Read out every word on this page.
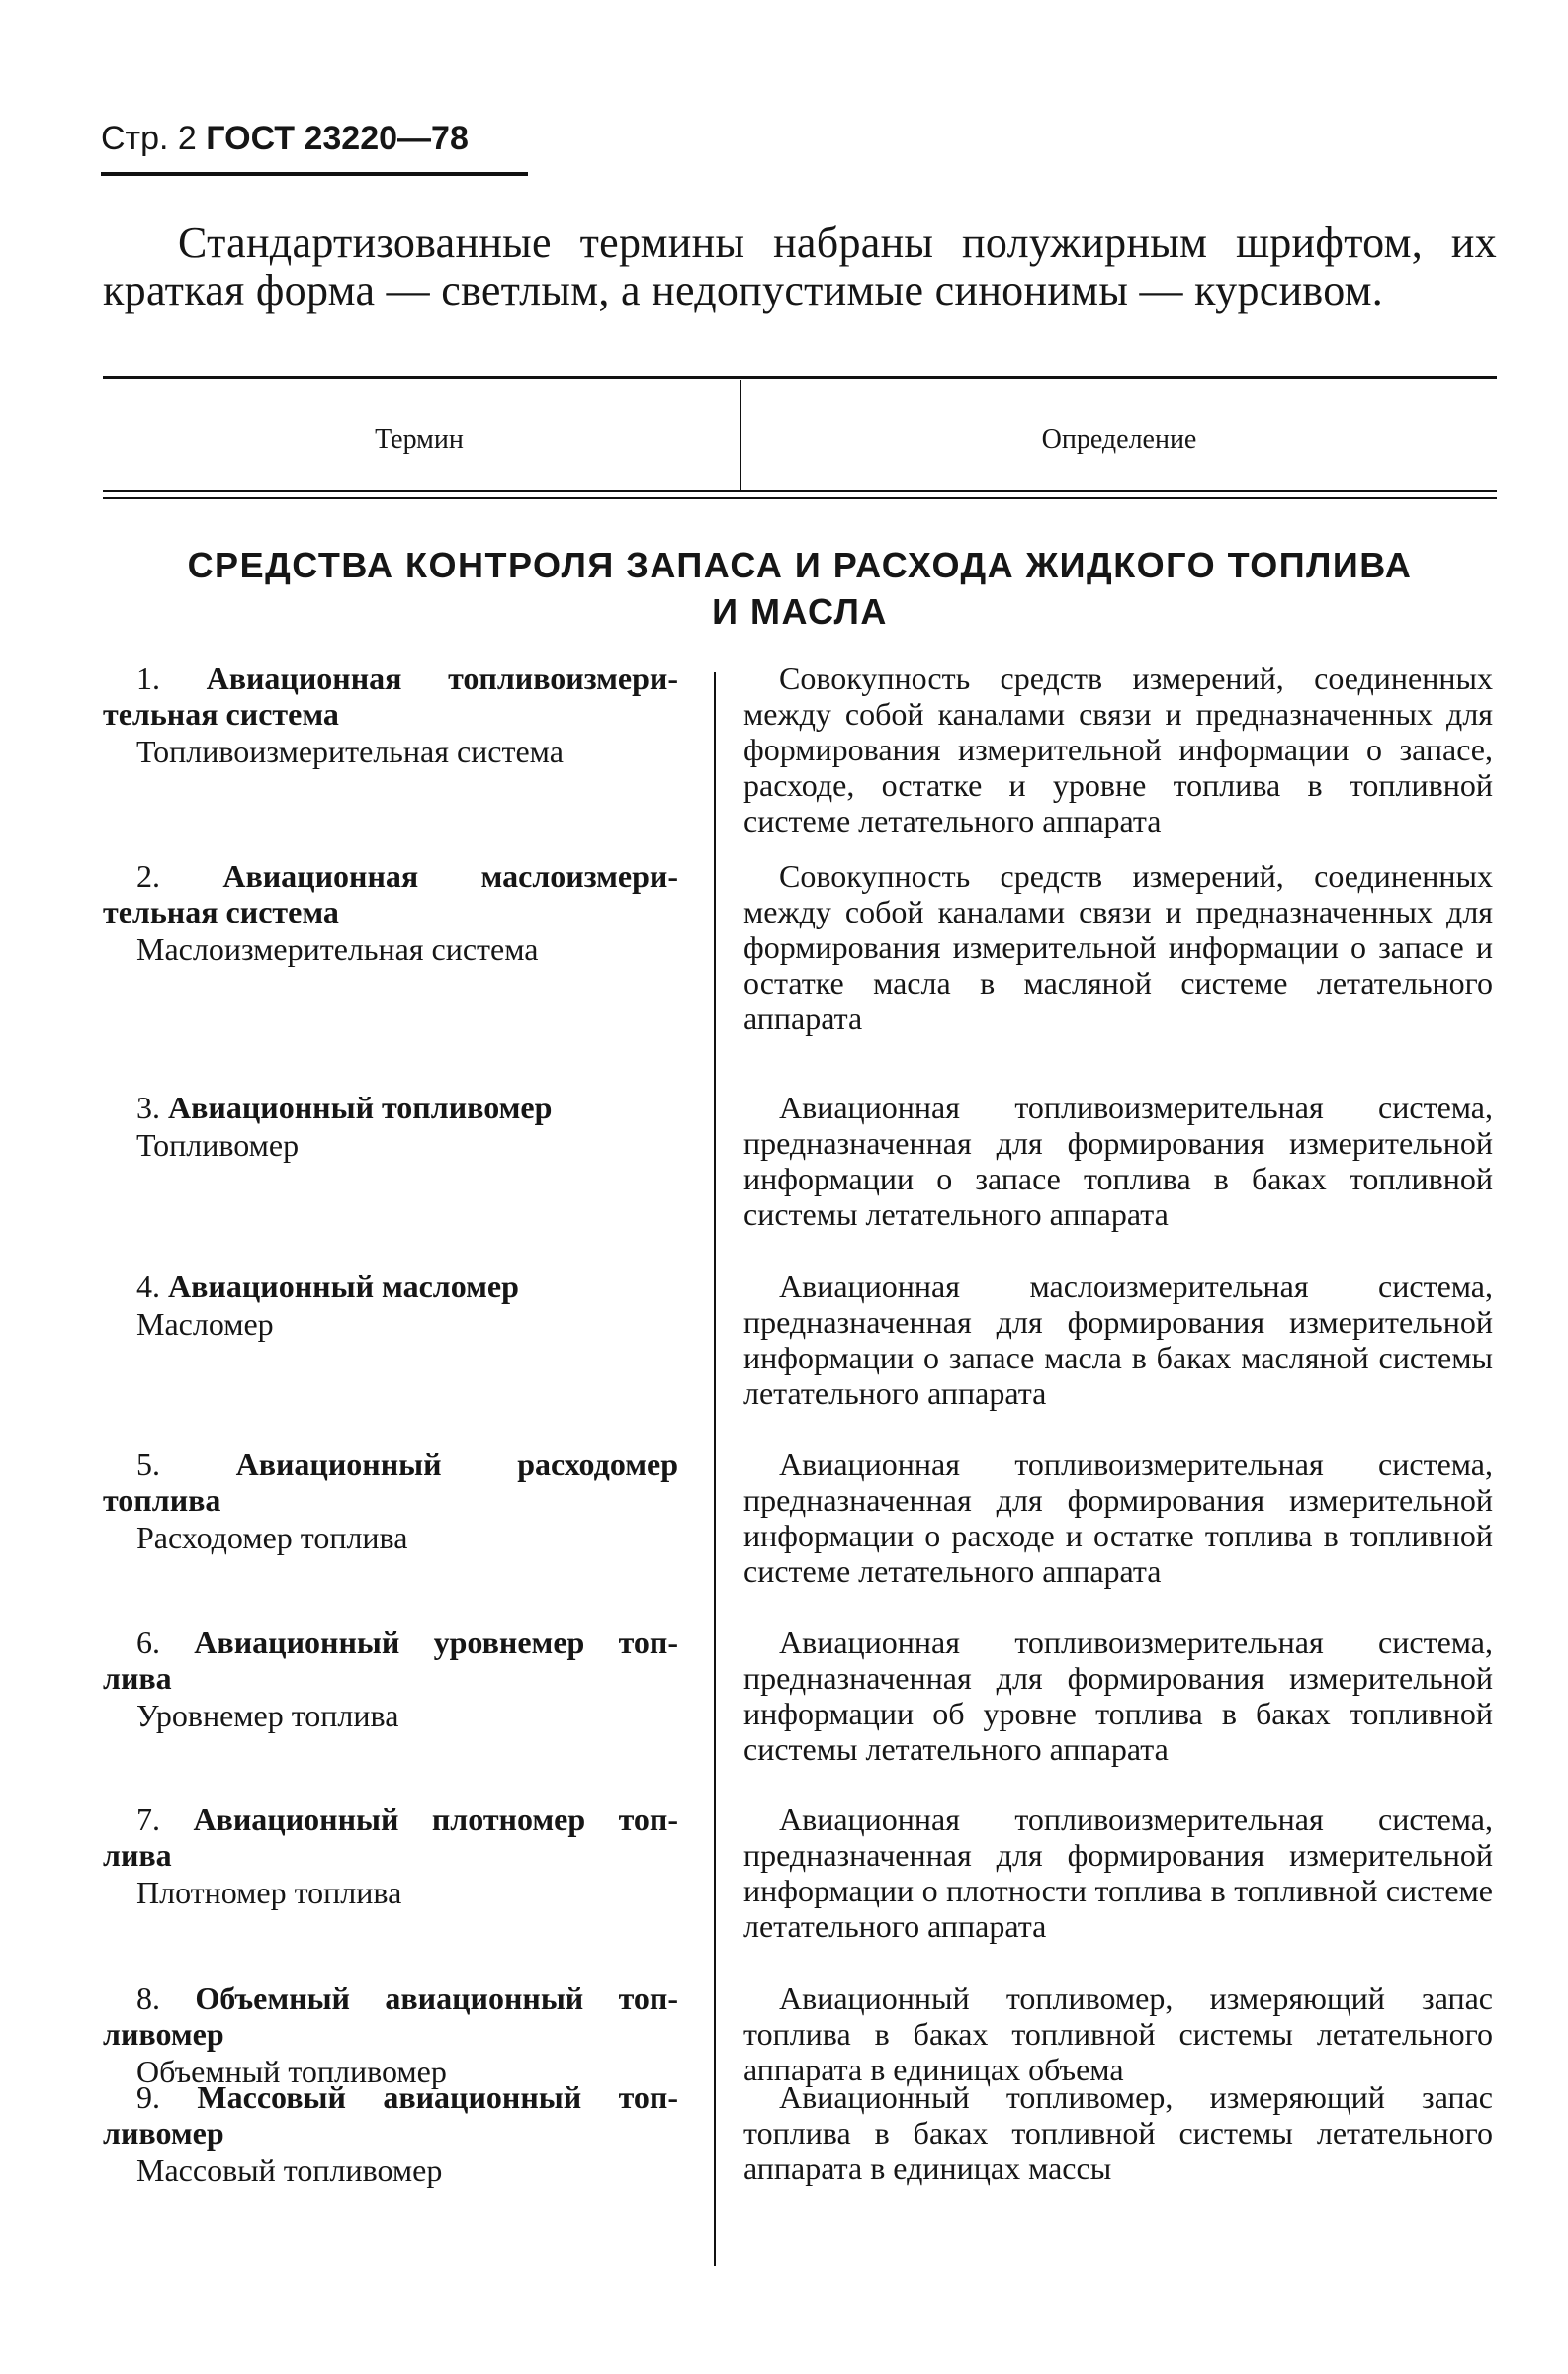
Стр. 2 ГОСТ 23220—78
Стандартизованные термины набраны полужирным шрифтом, их краткая форма — светлым, а недопустимые синонимы — курсивом.
Термин	Определение
СРЕДСТВА КОНТРОЛЯ ЗАПАСА И РАСХОДА ЖИДКОГО ТОПЛИВА
И МАСЛА
1. Авиационная топливоизмери-
тельная система
Топливоизмерительная система
Совокупность средств измерений, соединенных между собой каналами связи и предназначенных для формирования измерительной информации о запасе, расходе, остатке и уровне топлива в топливной системе летательного аппарата
2. Авиационная маслоизмери-
тельная система
Маслоизмерительная система
Совокупность средств измерений, соединенных между собой каналами связи и предназначенных для формирования измерительной информации о запасе и остатке масла в масляной системе летательного аппарата
3. Авиационный топливомер
Топливомер
Авиационная топливоизмерительная система, предназначенная для формирования измерительной информации о запасе топлива в баках топливной системы летательного аппарата
4. Авиационный масломер
Масломер
Авиационная маслоизмерительная система, предназначенная для формирования измерительной информации о запасе масла в баках масляной системы летательного аппарата
5. Авиационный расходомер
топлива
Расходомер топлива
Авиационная топливоизмерительная система, предназначенная для формирования измерительной информации о расходе и остатке топлива в топливной системе летательного аппарата
6. Авиационный уровнемер топ-
лива
Уровнемер топлива
Авиационная топливоизмерительная система, предназначенная для формирования измерительной информации об уровне топлива в баках топливной системы летательного аппарата
7. Авиационный плотномер топ-
лива
Плотномер топлива
Авиационная топливоизмерительная система, предназначенная для формирования измерительной информации о плотности топлива в топливной системе летательного аппарата
8. Объемный авиационный топ-
ливомер
Объемный топливомер
Авиационный топливомер, измеряющий запас топлива в баках топливной системы летательного аппарата в единицах объема
9. Массовый авиационный топ-
ливомер
Массовый топливомер
Авиационный топливомер, измеряющий запас топлива в баках топливной системы летательного аппарата в единицах массы
